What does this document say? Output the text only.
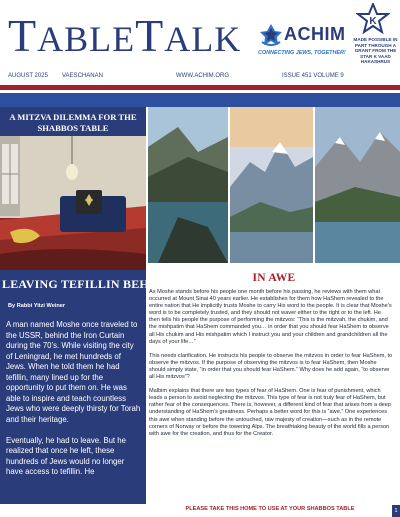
TABLETALK ACHIM
CONNECTING JEWS, TOGETHER!
K
MADE POSSIBLE IN PART THROUGH A GRANT FROM THE STAR K VAAD HAKASHRUS
AUGUST 2025 VAESCHANAN	WWW.ACHIM.ORG	ISSUE 451 VOLUME 9
A MITZVA DILEMMA FOR THE SHABBOS TABLE
LEAVING TEFILLIN BEHIND
By Rabbi Yitzi Weiner

A man named Moshe once traveled to the USSR, behind the Iron Curtain during the 70’s. While visiting the city of Leningrad, he met hundreds of Jews. When he told them he had tefillin, many lined up for the opportunity to put them on. He was able to inspire and teach countless Jews who were deeply thirsty for Torah and their heritage.

Eventually, he had to leave. But he realized that once he left, these hundreds of Jews would no longer have access to tefillin. He

IN AWE

As Moshe stands before his people one month before his passing, he reviews with them what occurred at Mount Sinai 40 years earlier. He establishes for them how HaShem revealed to the entire nation that He implicitly trusts Moshe to carry His word to the people. It is clear that Moshe’s word is to be completely trusted, and they should not waver either to the right or to the left. He then tells his people the purpose of performing the mitzvos: “This is the mitzvah, the chukim, and the mishpatim that HaShem commanded you… in order that you should fear HaShem to observe all His chukim and His mishpatim which I instruct you and your children and grandchildren all the days of your life…”

This needs clarification. He instructs his people to observe the mitzvos in order to fear HaShem, to observe the mitzvos. If the purpose of observing the mitzvos is to fear HaShem, then Moshe should simply state, “in order that you should fear HaShem.” Why does he add again, “to observe all His mitzvos”?

Malbim explains that there are two types of fear of HaShem. One is fear of punishment, which leads a person to avoid neglecting the mitzvos. This type of fear is not truly fear of HaShem, but rather fear of the consequences. There is, however, a different kind of fear that arises from a deep understanding of HaShem’s greatness. Perhaps a better word for this is “awe.” One experiences this awe when standing before the untouched, raw majesty of creation—such as in the remote corners of Norway or before the towering Alps. The breathtaking beauty of the world fills a person with awe for the creation, and thus for the Creator.

PLEASE TAKE THIS HOME TO USE AT YOUR SHABBOS TABLE	1
